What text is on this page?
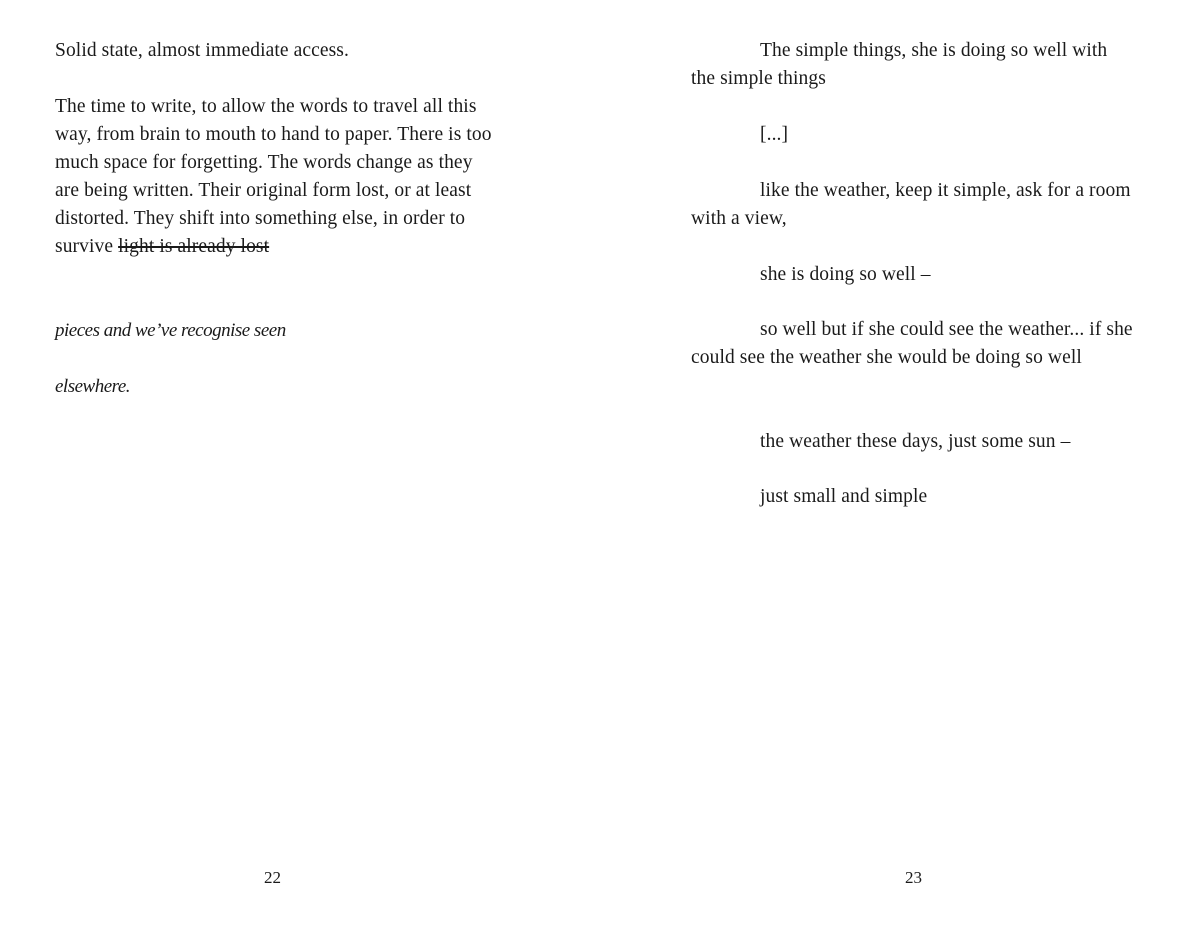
Solid state, almost immediate access.

The time to write, to allow the words to travel all this way, from brain to mouth to hand to paper. There is too much space for forgetting. The words change as they are being written. Their original form lost, or at least distorted. They shift into something else, in order to survive light is already lost

pieces and we’ve recognise seen

elsewhere.

22

The simple things, she is doing so well with the simple things

[...]

like the weather, keep it simple, ask for a room with a view,

she is doing so well –

so well but if she could see the weather... if she could see the weather she would be doing so well

the weather these days, just some sun –

just small and simple

23
